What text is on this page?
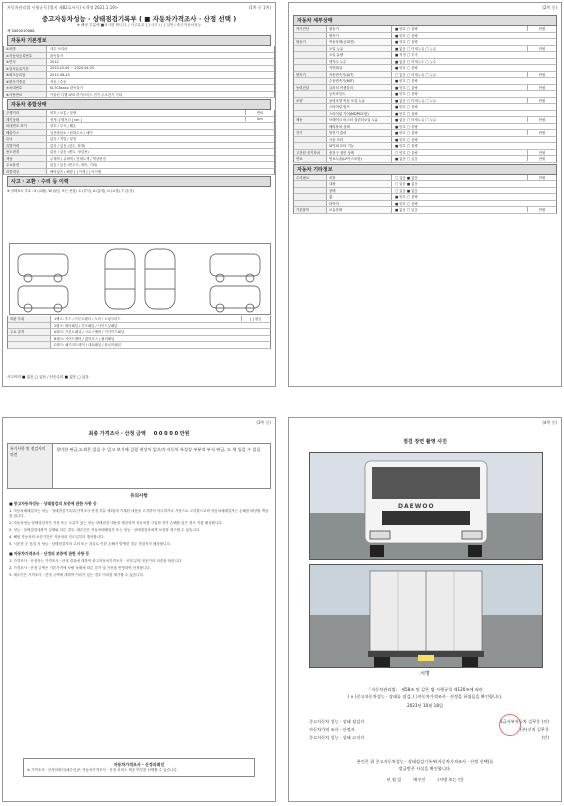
자동차관리법 시행규칙 [별지 제82호서식] <개정 2021.1.19>	(1쪽 중 1쪽)
중고자동차성능 · 상태점검기록부 ( ■ 자동차가격조사 · 산정 선택 )
※ 해당 부분에 ■표시를 합니다. / 사고유무 [ ] 사고 / [ ] 일반 / 중고자동차성능
제 0400010068
자동차 기본정보
①차명	대우 프리마
②자동차등록번호	판독불가
③연식	2012
④검사유효기간	2023.10.04 ~ 2024.04.03
⑤최초등록일	2012-08-23
⑥변속기종류	자동 / 수동
⑦차대번호	KL7C8xxxx 판독불가
⑧사용연료	가솔린 디젤 LPG 하이브리드 전기 수소전기 기타
자동차 종합상태
주행거리	양호 / 보통 / 불량	연료
계기상태	현재 주행거리 [ km ]	km
차대번호 표기	양호 / 부식 / 훼손
배출가스	일산화탄소 / 탄화수소 / 매연
튜닝	없음 / 적법 / 불법
특별이력	없음 / 있음 (침수, 화재)
용도변경	없음 / 있음 (렌트, 영업용)
색상	무채색 / 유채색 / 전체도색 / 색상변경
주요옵션	없음 / 있음 (썬루프, 네비, 기타)
리콜대상	해당없음 / 해당 [ ] 이행 [ ] 미이행
사고 · 교환 · 수리 등 이력
※ 상태표시 부호 : X (교환), W (판금 또는 용접), C (부식), A (흠집), U (요철), T (손상)
외판 부위	1랭크: 후드 / 프론트펜더 / 도어 / 트렁크리드	[ ] 판금
2랭크: 쿼터패널 / 루프패널 / 사이드실패널
주요 골격	A랭크: 프론트패널 / 크로스멤버 / 인사이드패널
B랭크: 사이드멤버 / 휠하우스 / 필러패널
C랭크: 패키지트레이 / 대쉬패널 / 플로어패널
사고이력 ■ 없음 □ 있음 / 단순수리 ■ 없음 □ 있음
(2쪽 중)
자동차 세부상태
자기진단	원동기	■ 양호 □ 불량	만원
변속기	■ 양호 □ 불량
원동기	작동상태(공회전)	■ 양호 □ 불량
오일 누유	■ 없음 □ 미세누유 □ 누유	만원
오일 유량	■ 적정 □ 부족
냉각수 누수	■ 없음 □ 미세누수 □ 누수
커먼레일	■ 양호 □ 불량
변속기	자동변속기(A/T)	□ 없음 □ 미세누유 □ 누유	만원
수동변속기(M/T)	■ 양호 □ 불량
동력전달	클러치 어셈블리	■ 양호 □ 불량	만원
등속조인트	■ 양호 □ 불량
조향	동력조향 작동 오일 누유	■ 없음 □ 미세누유 □ 누유	만원
스티어링 펌프	■ 양호 □ 불량
스티어링 기어(MDPS포함)	■ 양호 □ 불량
제동	브레이크 마스터 실린더오일 누유	■ 없음 □ 미세누유 □ 누유	만원
배력장치 상태	■ 양호 □ 불량
전기	발전기 출력	■ 양호 □ 불량	만원
시동 모터	■ 양호 □ 불량
와이퍼 모터 기능	■ 양호 □ 불량
고전원 전기장치	충전구 절연 상태	□ 양호 □ 불량	만원
연료	연료누출(LP가스포함)	■ 없음 □ 있음	만원
자동차 기타정보
수리필요	외장	□ 있음 ■ 없음	만원
내장	□ 있음 ■ 없음
광택	□ 있음 ■ 없음
휠	■ 양호 □ 불량
타이어	■ 양호 □ 불량
기본품목	보유상태	■ 없음 □ 있음	만원
(3쪽 중)
최종 가격조사 · 산정 금액 0 0 0 0 0 만원
특기사항 및 점검자의 의견
경미한 판금,도색은 있을 수 있고 보기에 걸림 현상이 있으며 자동차 특성상 부분적 부식 판금, 도 색 있을 수 있음
유의사항
■ 중고자동차성능 · 상태점검의 보증에 관한 사항 등
1. 자동차매매업자는 성능 · 상태점검기록부(가격조사·산정 부분 제외)에 기재된 내용을 고지하지 아니하거나 거짓으로 고지함으로써 자동차매매업자는 손해를 배상할 책임을 집니다.
2. 자동차성능·상태점검자가 거짓 또는 오류가 있는 성능·상태점검 내용을 제공하여 자동차를 구입한 자가 손해를 입은 경우 이를 배상합니다.
3. 성능 · 상태점검내용이 실제와 다른 경우, 매수인은 자동차매매업자 또는 성능 · 상태점검자에게 보상을 청구할 수 있습니다.
4. 해당 자동차의 보증기간은 자동차의 인도일부터 계산합니다.
5. 시운전 등 점검 시 성능 · 상태점검자의 고의 또는 과실로 인한 손해가 발생한 경우 점검자가 배상합니다.
■ 자동차가격조사 · 산정의 보증에 관한 사항 등
1. 가격조사 · 산정자는 가격조사 · 산정 결과에 대하여 중고자동차가격조사 · 산정 분야 전문가의 의견을 따릅니다.
2. 가격조사 · 산정 금액은 기본가격에 차량 상태에 따른 감가 및 가산을 반영하여 산정합니다.
3. 매수인은 가격조사 · 산정 금액에 대하여 이의가 있는 경우 이의를 제기할 수 있습니다.
자동차가격조사 · 산정의뢰인
※ 가격조사 · 산정의뢰인(매수인)은 자동차가격조사 · 산정 서비스 제공 여부를 선택할 수 있습니다.
(4쪽 중)
점검 장면 촬영 사진
DAEWOO
서명
「자동차관리법」 제58조 및 같은 법 시행규칙 제120조에 따라
( ∨ )중고자동차성능 · 상태를 점검, ( )자동차가격조사 · 산정을 하였음을 확인합니다.
2023년 10월 18일
중고자동차 성능 · 상태 점검자	1급서부자동차 김무웅 (인)
자동차가격 조사 · 산정자	(주)신직 길무웅
중고자동차 성능 · 상태 고지자	(인)
본인은 위 중고자동차성능 · 상태점검기록부(자동차가격조사 · 산정 선택)를
발급받은 사실을 확인합니다.
년 월 일	매수인	(서명 또는 인)
